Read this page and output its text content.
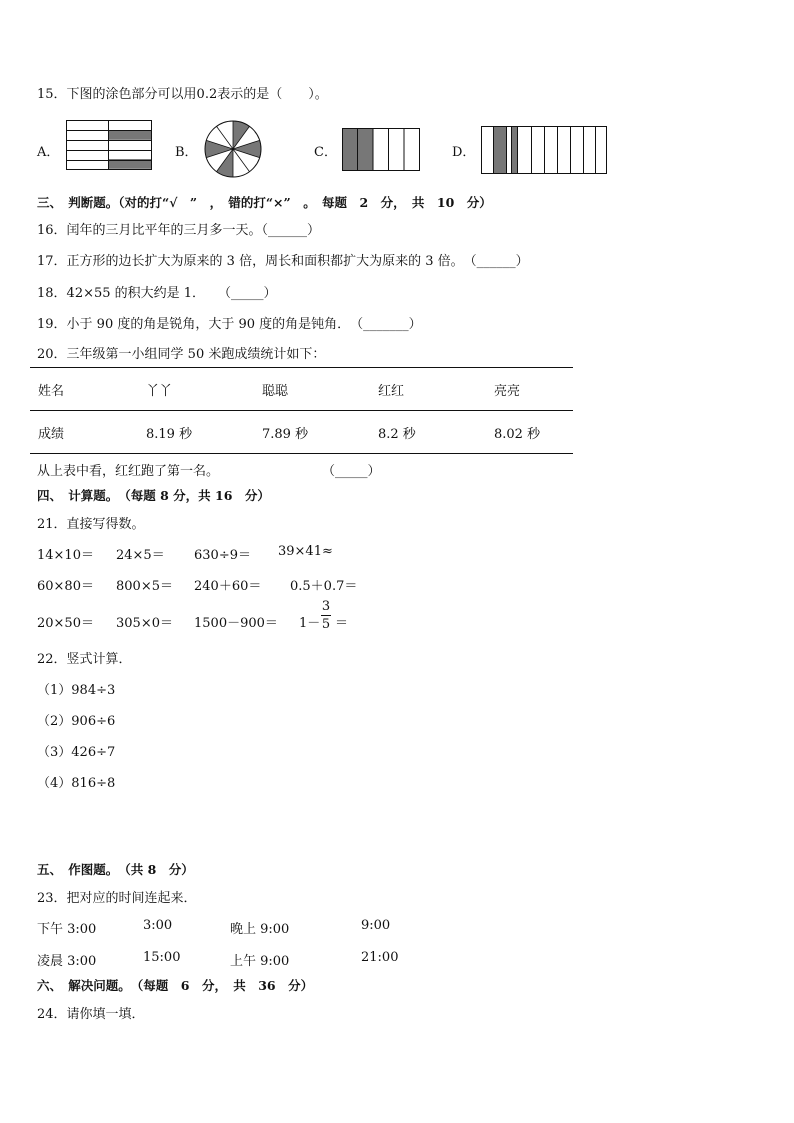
15．下图的涂色部分可以用0.2表示的是（　　）。
A．	B．	C．	D．
三、　判断题。（对的打“√　”　，　错的打“×”　。　每题　2　分，　共　10　分）
16．闰年的三月比平年的三月多一天。（______）
17．正方形的边长扩大为原来的 3 倍，周长和面积都扩大为原来的 3 倍。　（______）
18．42×55 的积大约是 1．　　（_____）
19．小于 90 度的角是锐角，大于 90 度的角是钝角．　（_______）
20．三年级第一小组同学 50 米跑成绩统计如下：
姓名	丫丫	聪聪	红红	亮亮
成绩	8.19 秒	7.89 秒	8.2 秒	8.02 秒
从上表中看，红红跑了第一名。	（_____）
四、　计算题。　（每题 8 分，共 16　分）
21．直接写得数。
14×10＝ 24×5＝ 630÷9＝ 39×41≈
60×80＝ 800×5＝ 240＋60＝ 0.5＋0.7＝
20×50＝ 305×0＝ 1500－900＝ 1－
3
5 ＝
22．竖式计算．
（1）984÷3
（2）906÷6
（3）426÷7
（4）816÷8
五、　作图题。　（共 8　分）
23．把对应的时间连起来．
下午 3:00	3:00	晚上 9:00	9:00
凌晨 3:00	15:00	上午 9:00	21:00
六、　解决问题。　（每题　6　分，　共　36　分）
24．请你填一填．
